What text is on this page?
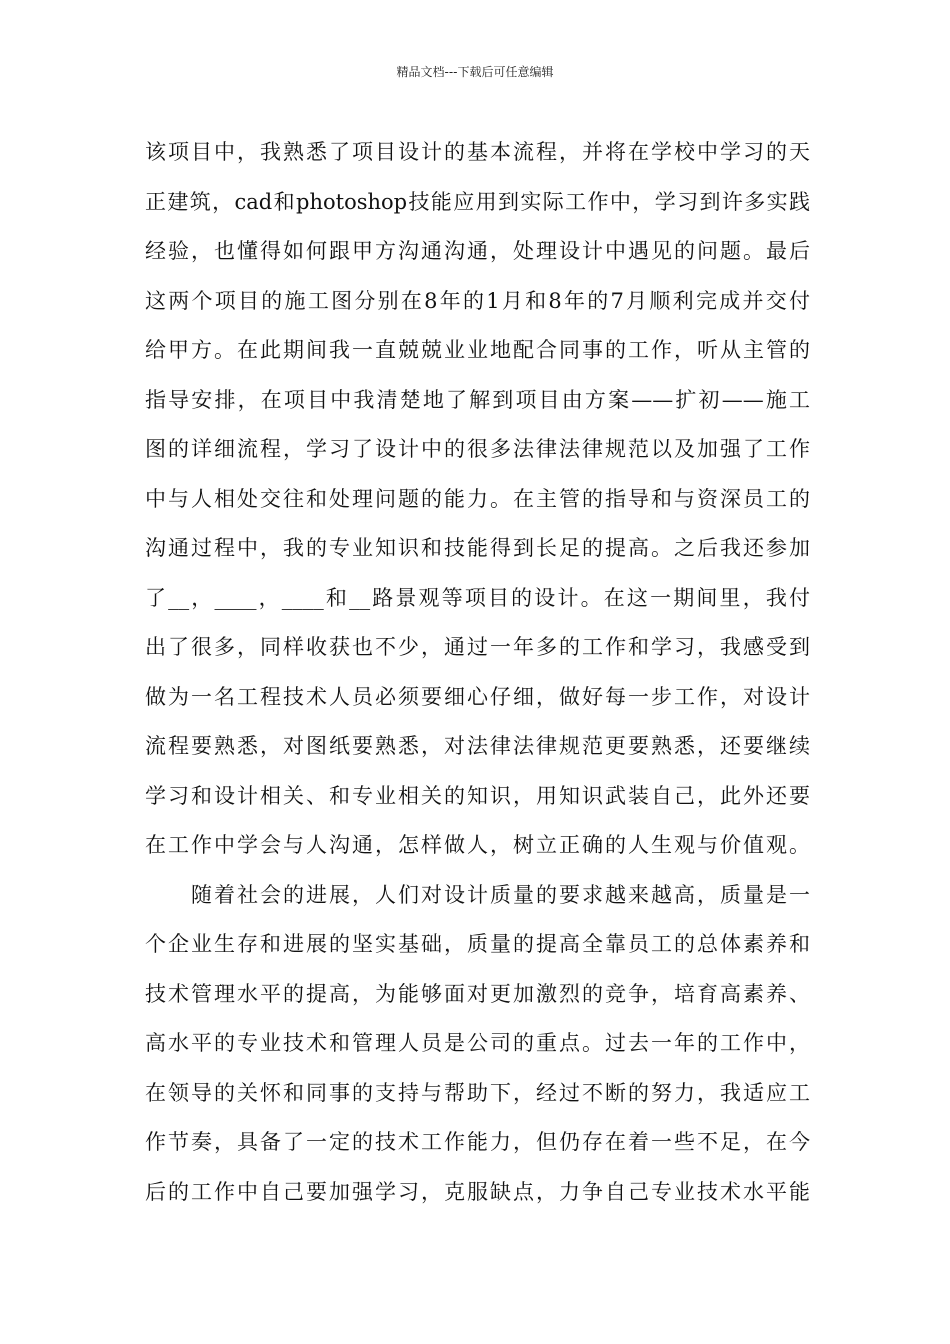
精品文档---下载后可任意编辑
该项目中，我熟悉了项目设计的基本流程，并将在学校中学习的天
正建筑，cad和photoshop技能应用到实际工作中，学习到许多实践
经验，也懂得如何跟甲方沟通沟通，处理设计中遇见的问题。最后
这两个项目的施工图分别在8年的1月和8年的7月顺利完成并交付
给甲方。在此期间我一直兢兢业业地配合同事的工作，听从主管的
指导安排，在项目中我清楚地了解到项目由方案——扩初——施工
图的详细流程，学习了设计中的很多法律法律规范以及加强了工作
中与人相处交往和处理问题的能力。在主管的指导和与资深员工的
沟通过程中，我的专业知识和技能得到长足的提高。之后我还参加
了__，____，____和__路景观等项目的设计。在这一期间里，我付
出了很多，同样收获也不少，通过一年多的工作和学习，我感受到
做为一名工程技术人员必须要细心仔细，做好每一步工作，对设计
流程要熟悉，对图纸要熟悉，对法律法律规范更要熟悉，还要继续
学习和设计相关、和专业相关的知识，用知识武装自己，此外还要
在工作中学会与人沟通，怎样做人，树立正确的人生观与价值观。
随着社会的进展，人们对设计质量的要求越来越高，质量是一
个企业生存和进展的坚实基础，质量的提高全靠员工的总体素养和
技术管理水平的提高，为能够面对更加激烈的竞争，培育高素养、
高水平的专业技术和管理人员是公司的重点。过去一年的工作中，
在领导的关怀和同事的支持与帮助下，经过不断的努力，我适应工
作节奏，具备了一定的技术工作能力，但仍存在着一些不足，在今
后的工作中自己要加强学习，克服缺点，力争自己专业技术水平能
